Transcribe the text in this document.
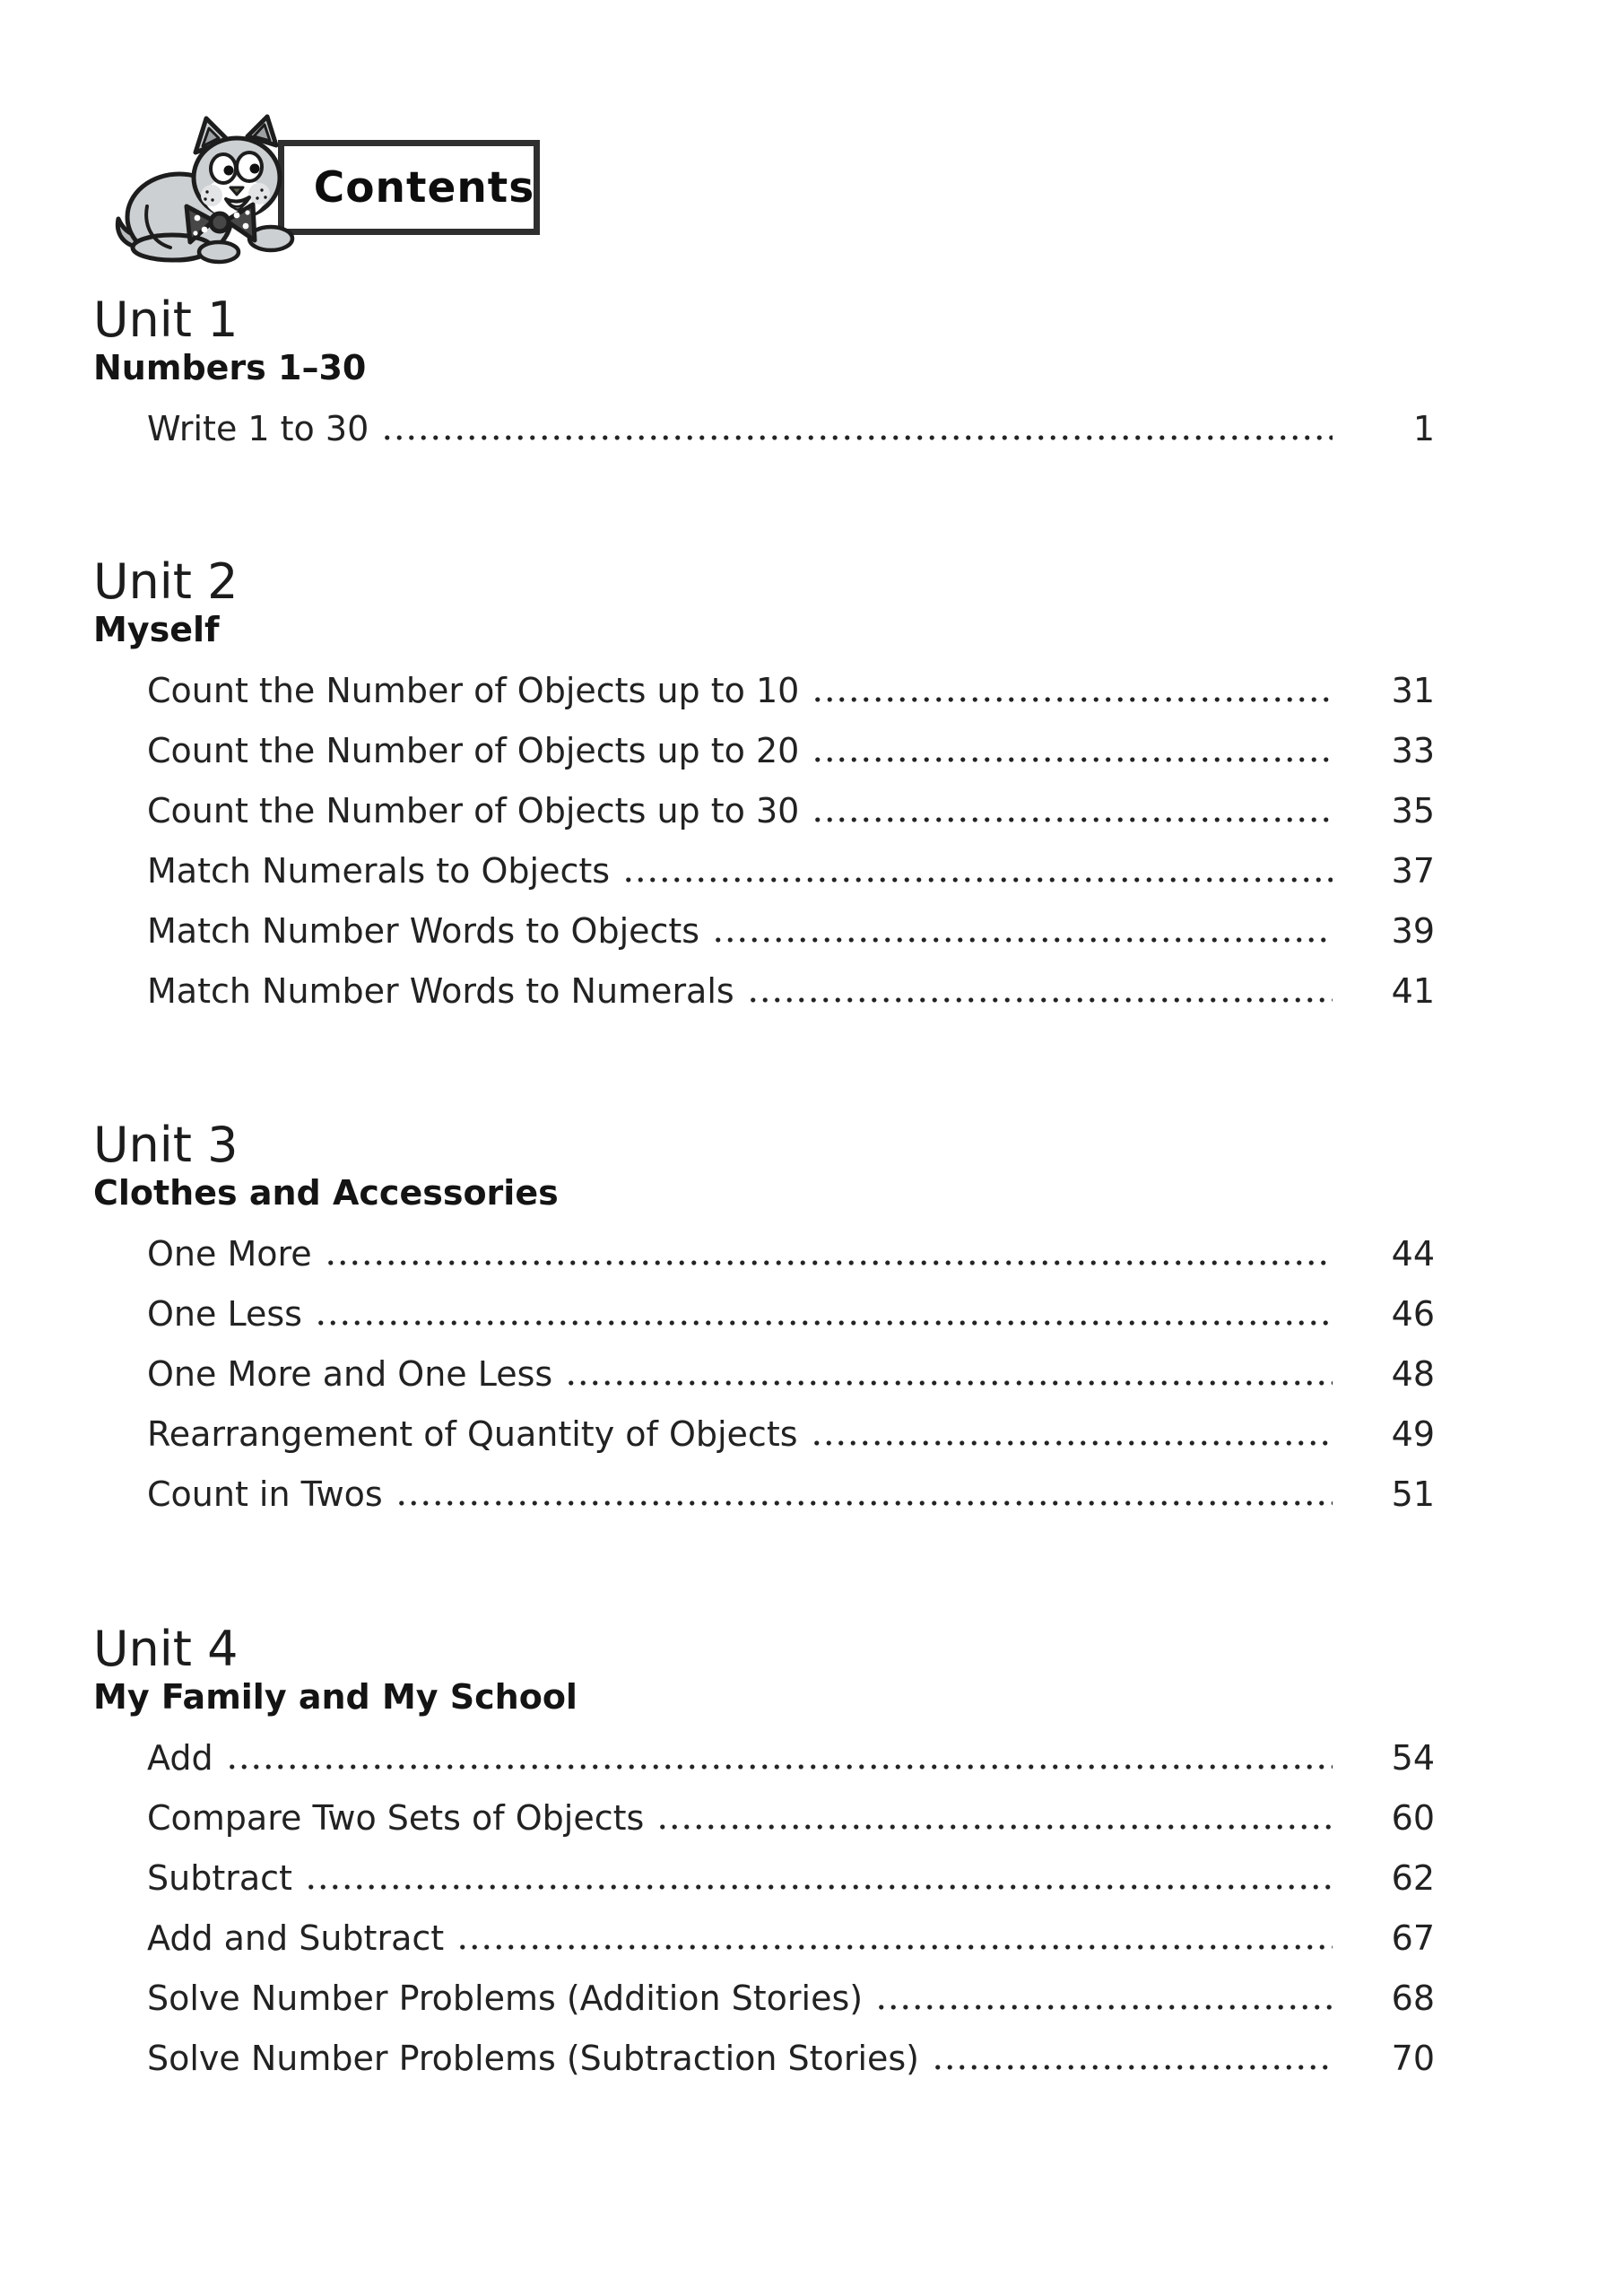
Contents
Unit 1
Numbers 1–30
Write 1 to 30	1
Unit 2
Myself
Count the Number of Objects up to 10	31
Count the Number of Objects up to 20	33
Count the Number of Objects up to 30	35
Match Numerals to Objects	37
Match Number Words to Objects	39
Match Number Words to Numerals	41
Unit 3
Clothes and Accessories
One More	44
One Less	46
One More and One Less	48
Rearrangement of Quantity of Objects	49
Count in Twos	51
Unit 4
My Family and My School
Add	54
Compare Two Sets of Objects	60
Subtract	62
Add and Subtract	67
Solve Number Problems (Addition Stories)	68
Solve Number Problems (Subtraction Stories)	70
